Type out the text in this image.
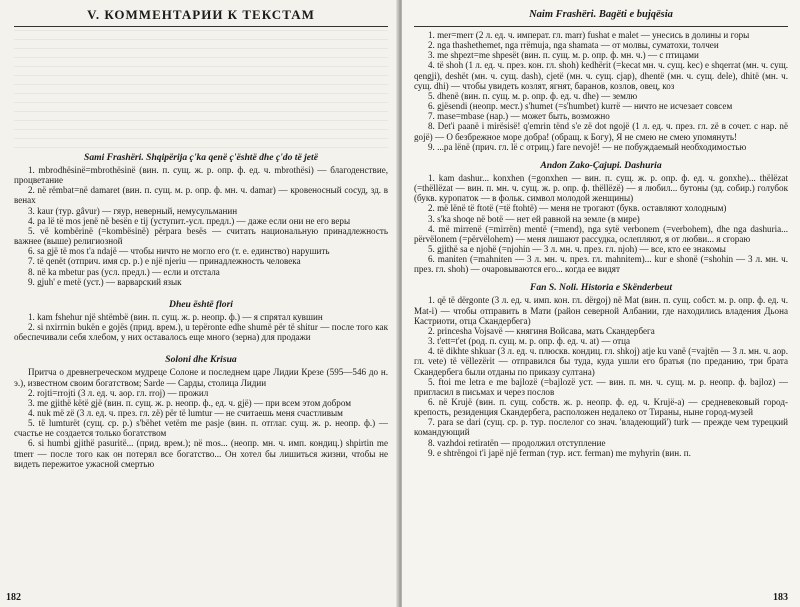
V. КОММЕНТАРИИ К ТЕКСТАМ
Sami Frashëri. Shqipërija ç'ka qenë ç'është dhe ç'do të jetë

1. mbrodhësinë=mbrothësinë (вин. п. сущ. ж. р. опр. ф. ед. ч. mbrothësi) — благоденствие, процветание

2. në rëmbat=në damaret (вин. п. сущ. м. р. опр. ф. мн. ч. damar) — кровеносный сосуд, зд. в венах

3. kaur (тур. gâvur) — гяур, неверный, немусульманин

4. pa lë të mos jenë në besën e tij (уступит.-усл. предл.) — даже если они не его веры

5. vë kombërinë (=kombësinë) përpara besës — считать национальную принадлежность важнее (выше) религиозной

6. sa gjë të mos t'a ndajë — чтобы ничто не могло его (т. е. единство) нарушить

7. të qenët (отприч. имя ср. р.) e një njeriu — принадлежность человека

8. në ka mbetur pas (усл. предл.) — если и отстала

9. gjuh' e metë (уст.) — варварский язык

Dheu është flori

1. kam fshehur një shtëmbë (вин. п. сущ. ж. р. неопр. ф.) — я спрятал кувшин

2. si nxirrnin bukën e gojës (прид. врем.), u tepëronte edhe shumë për të shitur — после того как обеспечивали себя хлебом, у них оставалось еще много (зерна) для продажи

Soloni dhe Krisua

Притча о древнегреческом мудреце Солоне и последнем царе Лидии Крезе (595—546 до н. э.), известном своим богатством; Sarde — Сарды, столица Лидии

2. rojti=rrojti (3 л. ед. ч. аор. гл. rroj) — прожил

3. me gjithë këtë gjë (вин. п. сущ. ж. р. неопр. ф., ед. ч. gjë) — при всем этом добром

4. nuk më zë (3 л. ед. ч. през. гл. zë) për të lumtur — не считаешь меня счастливым

5. të lumturët (сущ. ср. р.) s'bëhet vetëm me pasje (вин. п. отглаг. сущ. ж. р. неопр. ф.) — счастье не создается только богатством

6. si humbi gjithë pasuritë... (прид. врем.); në mos... (неопр. мн. ч. имп. кондиц.) shpirtin me tmerr — после того как он потерял все богатство... Он хотел бы лишиться жизни, чтобы не видеть пережитое ужасной смертью

182
Naim Frashëri. Bagëti e bujqësia

1. mer=merr (2 л. ед. ч. императ. гл. marr) fushat e malet — унесись в долины и горы

2. nga thashethemet, nga rrëmuja, nga shamata — от молвы, суматохи, толчеи

3. me shpezt=me shpesët (вин. п. сущ. м. р. опр. ф. мн. ч.) — с птицами

4. të shoh (1 л. ед. ч. през. кон. гл. shoh) kedhërit (=kecat мн. ч. сущ. kec) e shqerrat (мн. ч. сущ. qengji), deshët (мн. ч. сущ. dash), cjetë (мн. ч. сущ. cjap), dhentë (мн. ч. сущ. dele), dhitë (мн. ч. сущ. dhi) — чтобы увидеть козлят, ягнят, баранов, козлов, овец, коз

5. dhenë (вин. п. сущ. м. р. опр. ф. ед. ч. dhe) — землю

6. gjësendi (неопр. мест.) s'humet (=s'humbet) kurrë — ничто не исчезает совсем

7. mase=mbase (нар.) — может быть, возможно

8. Det'i paanë i mirësisë! q'emrin tënd s'e zë dot ngojë (1 л. ед. ч. през. гл. zë в сочет. с нар. në gojë) — О безбрежное море добра! (обращ. к Богу), Я не смею не смею упомянуть!

9. ...pa lënë (прич. гл. lë с отриц.) fare nevojë! — не побуждаемый необходимостью

Andon Zako-Çajupi. Dashuria

1. kam dashur... konxhen (=gonxhen — вин. п. сущ. ж. р. опр. ф. ед. ч. gonxhe)... thëlëzat (=thëllëzat — вин. п. мн. ч. сущ. ж. р. опр. ф. thëllëzë) — я любил... бутоны (зд. собир.) голубок (букв. куропаток — в фольк. символ молодой женщины)

2. më lënë të ftotë (=të ftohtë) — меня не трогают (букв. оставляют холодным)

3. s'ka shoqe në botë — нет ей равной на земле (в мире)

4. më mirrenë (=mirrën) mentë (=mend), nga sytë verbonem (=verbohem), dhe nga dashuria... përvëlonem (=përvëlohem) — меня лишают рассудка, ослепляют, я от любви... я сгораю

5. gjithë sa e njohë (=njohin — 3 л. мн. ч. през. гл. njoh) — все, кто ее знакомы

6. maniten (=mahniten — 3 л. мн. ч. през. гл. mahnitem)... kur e shonë (=shohin — 3 л. мн. ч. през. гл. shoh) — очаровываются его... когда ее видят

Fan S. Noli. Historia e Skënderbeut

1. që të dërgonte (3 л. ед. ч. имп. кон. гл. dërgoj) në Mat (вин. п. сущ. собст. м. р. опр. ф. ед. ч. Mat-i) — чтобы отправить в Мати (район северной Албании, где находились владения Дьона Кастриоти, отца Скандербега)

2. princesha Vojsavë — княгиня Войсава, мать Скандербега

3. t'ett=t'et (род. п. сущ. м. р. опр. ф. ед. ч. at) — отца

4. të dikhte shkuar (3 л. ед. ч. плюскв. кондиц. гл. shkoj) atje ku vanë (=vajtën — 3 л. мн. ч. аор. гл. vete) të vëllezërit — отправился бы туда, куда ушли его братья (по преданию, три брата Скандербега были отданы по приказу султана)

5. ftoi me letra e me bajlozë (=bajlozë уст. — вин. п. мн. ч. сущ. м. р. неопр. ф. bajloz) — пригласил в письмах и через послов

6. në Krujë (вин. п. сущ. собств. ж. р. неопр. ф. ед. ч. Krujë-a) — средневековый город-крепость, резиденция Скандербега, расположен недалеко от Тираны, ныне город-музей

7. para se dari (сущ. ср. р. тур. послелог со знач. 'владеющий') turk — прежде чем турецкий командующий

8. vazhdoi retiratën — продолжил отступление

9. e shtrëngoi t'i japë një ferman (тур. ист. ferman) me myhyrin (вин. п.

183
